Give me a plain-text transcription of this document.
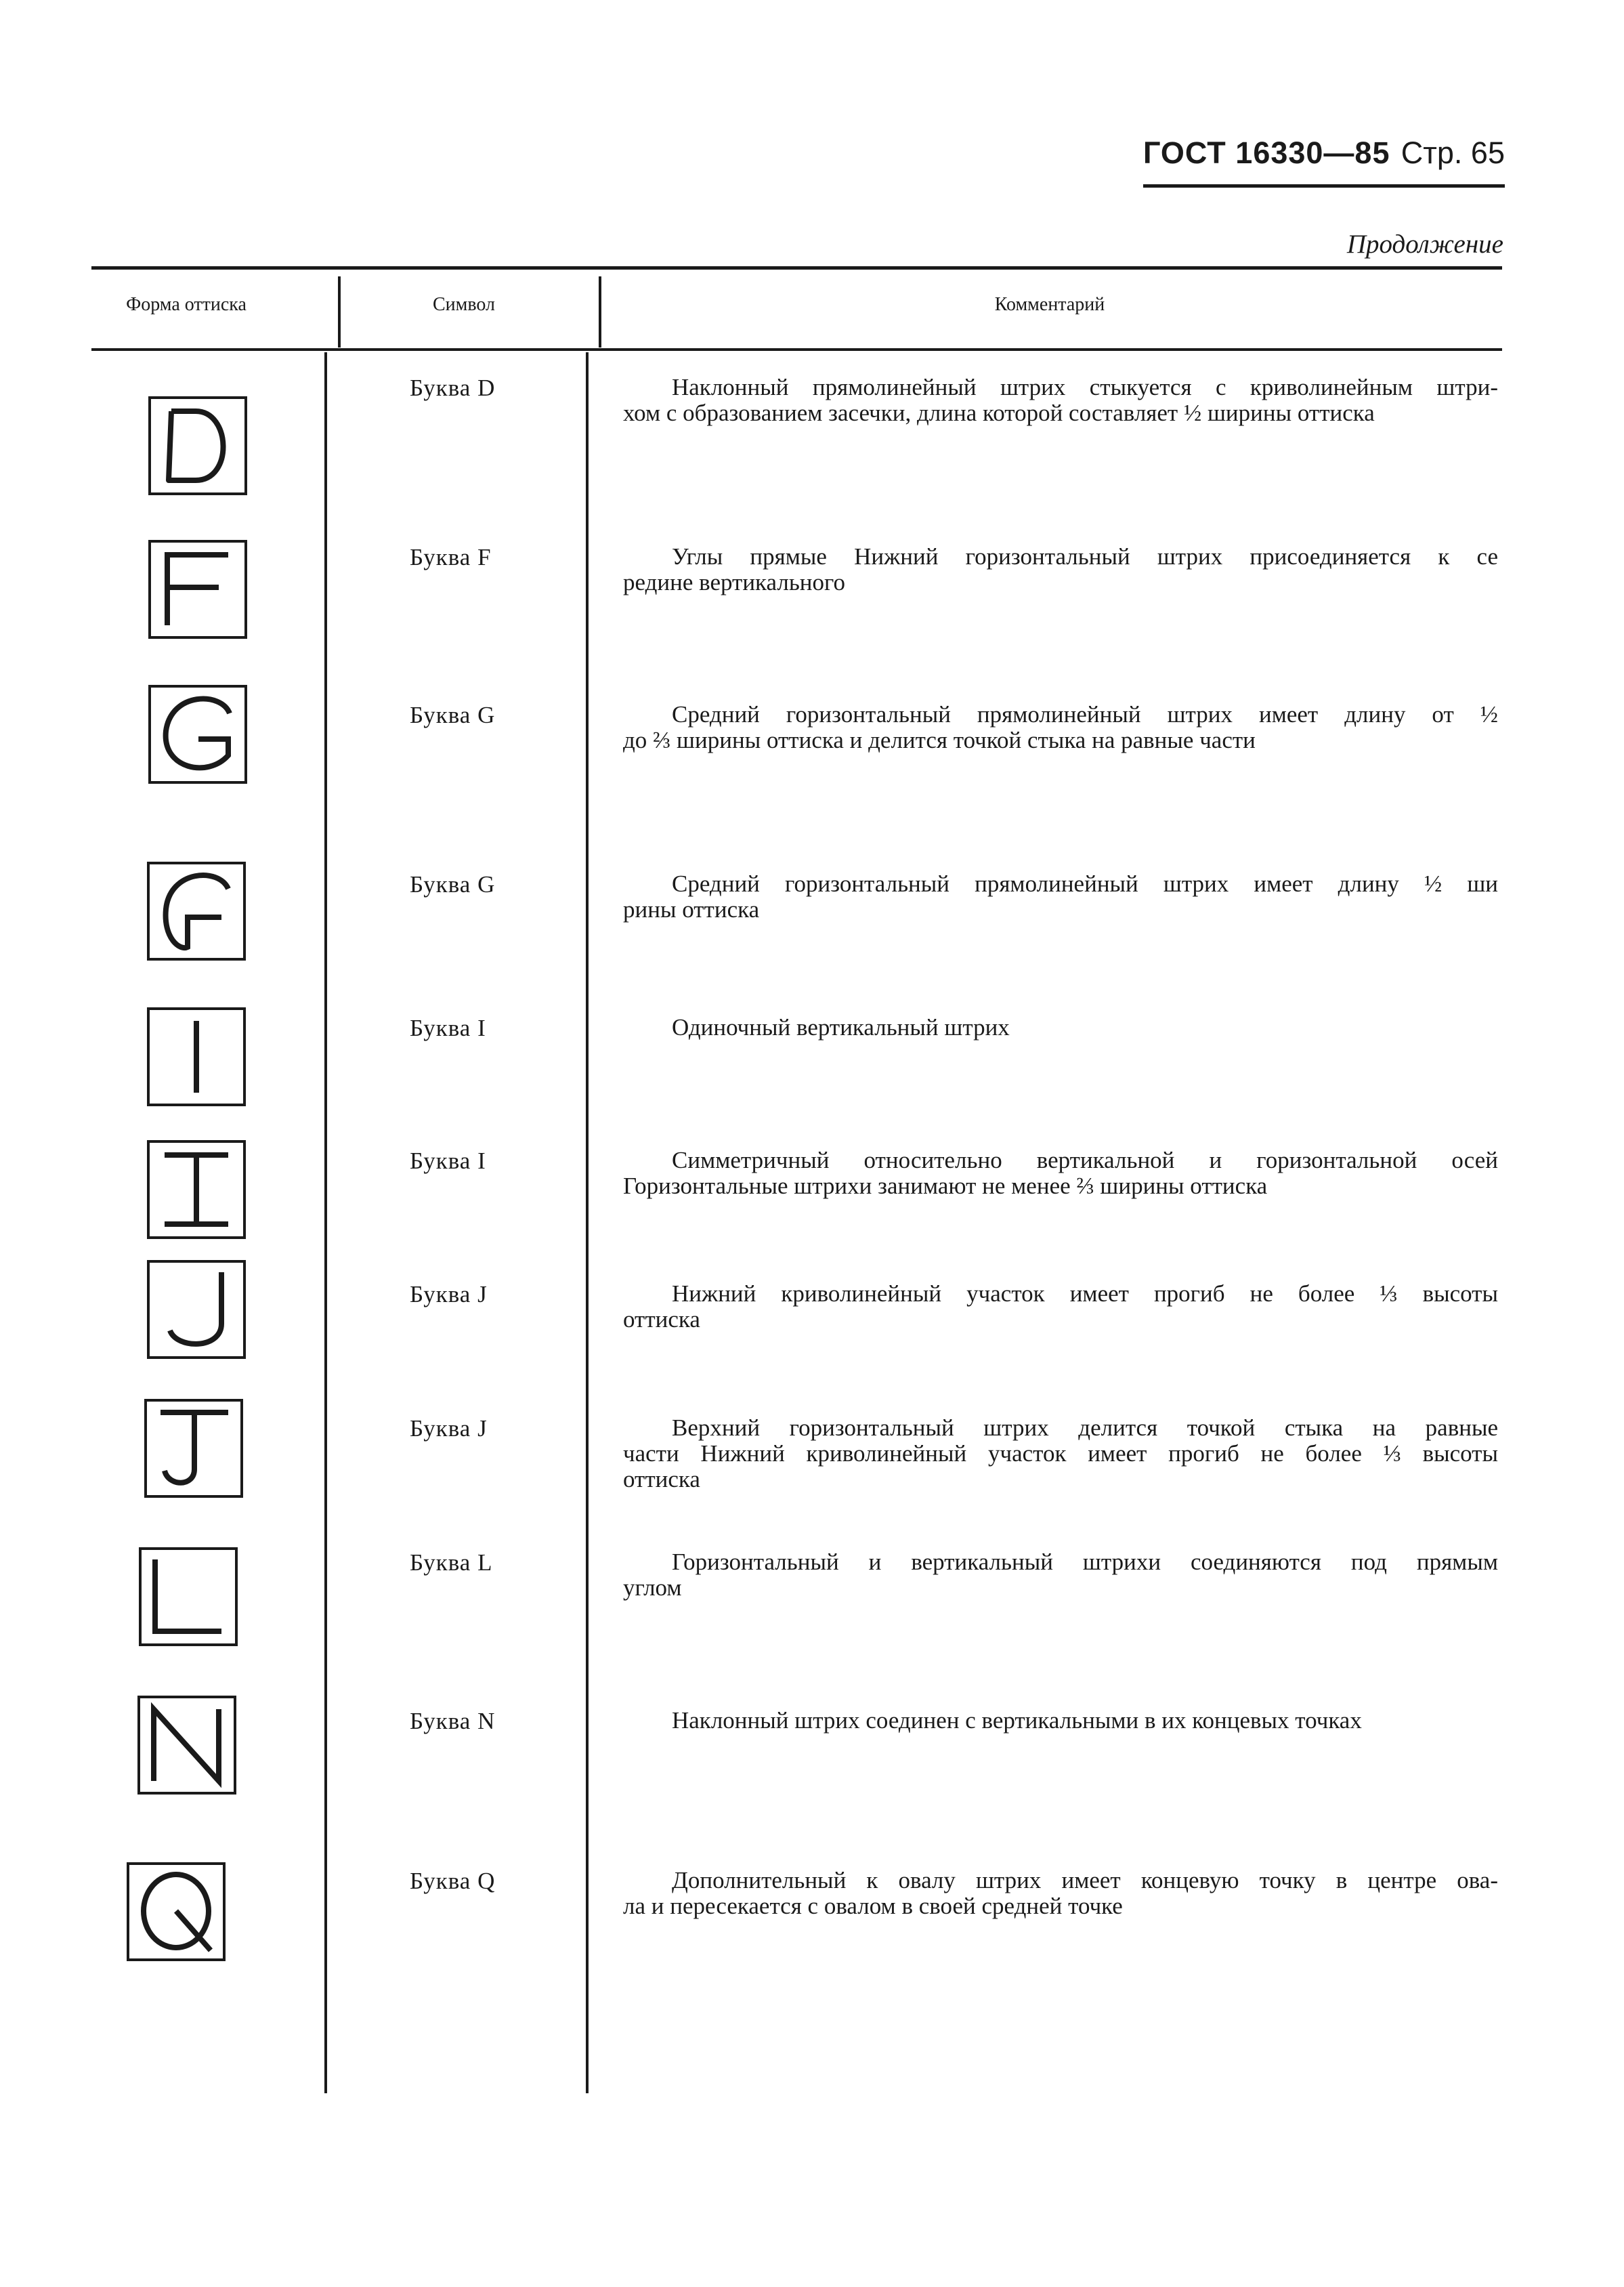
ГОСТ 16330—85 Стр. 65
Продолжение
Форма оттиска	Символ	Комментарий
Буква D	Наклонный прямолинейный штрих стыкуется с криволинейным штри-
хом с образованием засечки, длина которой составляет ½ ширины оттиска
Буква F	Углы прямые Нижний горизонтальный штрих присоединяется к се
редине вертикального
Буква G	Средний горизонтальный прямолинейный штрих имеет длину от ½
до ⅔ ширины оттиска и делится точкой стыка на равные части
Буква G	Средний горизонтальный прямолинейный штрих имеет длину ½ ши
рины оттиска
Буква I	Одиночный вертикальный штрих
Буква I	Симметричный относительно вертикальной и горизонтальной осей
Горизонтальные штрихи занимают не менее ⅔ ширины оттиска
Буква J	Нижний криволинейный участок имеет прогиб не более ⅓ высоты
оттиска
Буква J	Верхний горизонтальный штрих делится точкой стыка на равные
части Нижний криволинейный участок имеет прогиб не более ⅓ высоты
оттиска
Буква L	Горизонтальный и вертикальный штрихи соединяются под прямым
углом
Буква N	Наклонный штрих соединен с вертикальными в их концевых точках
Буква Q	Дополнительный к овалу штрих имеет концевую точку в центре ова-
ла и пересекается с овалом в своей средней точке
